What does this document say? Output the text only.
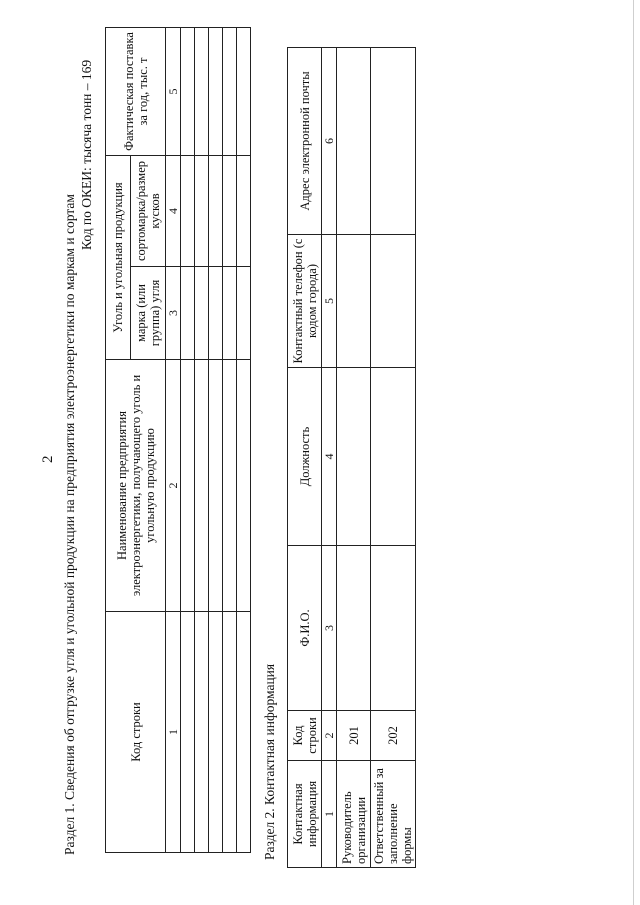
2 Раздел 1. Сведения об отгрузке угля и угольной продукции на предприятия электроэнергетики по маркам и сортам
Код по ОКЕИ: тысяча тонн – 169
Код строки	Наименование предприятия электроэнергетики, получающего уголь и угольную продукцию	Уголь и угольная продукция		Фактическая поставка за год, тыс. т
		марка (или группа) угля	сортомарка/размер кусков	
1	2	3	4	5

Раздел 2. Контактная информация Контактная информация	Код строки	Ф.И.О.	Должность	Контактный телефон (с кодом города)	Адрес электронной почты
1	2	3	4	5	6
Руководитель организации	201				
Ответственный за заполнение формы	202				
